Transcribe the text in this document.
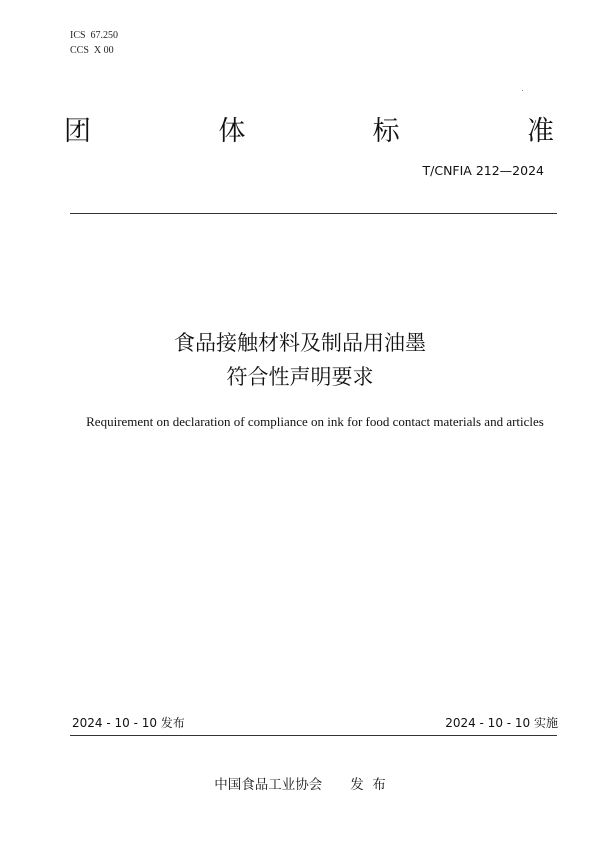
ICS  67.250
CCS  X 00
团	体	标	准
T/CNFIA 212—2024
食品接触材料及制品用油墨
符合性声明要求
Requirement on declaration of compliance on ink for food contact materials and articles
2024 - 10 - 10 发布	2024 - 10 - 10 实施
中国食品工业协会 发  布
